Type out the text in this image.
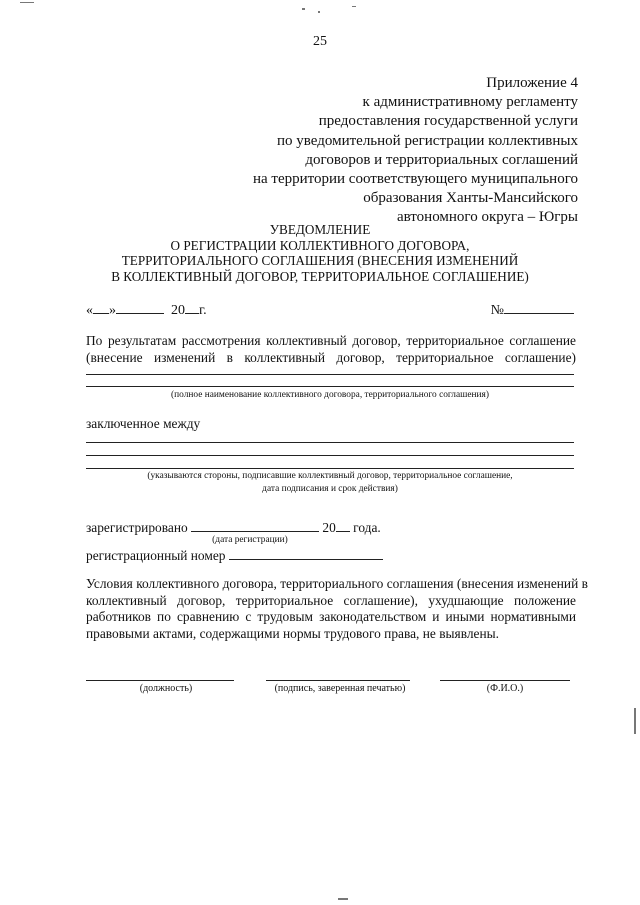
25
Приложение 4
к административному регламенту
предоставления государственной услуги
по уведомительной регистрации коллективных
договоров и территориальных соглашений
на территории соответствующего муниципального
образования Ханты-Мансийского
автономного округа – Югры
УВЕДОМЛЕНИЕ
О РЕГИСТРАЦИИ КОЛЛЕКТИВНОГО ДОГОВОРА,
ТЕРРИТОРИАЛЬНОГО СОГЛАШЕНИЯ (ВНЕСЕНИЯ ИЗМЕНЕНИЙ
В КОЛЛЕКТИВНЫЙ ДОГОВОР, ТЕРРИТОРИАЛЬНОЕ СОГЛАШЕНИЕ)
« »	20 г.	№
По результатам рассмотрения коллективный договор, территориальное соглашение
(внесение изменений в коллективный договор, территориальное соглашение)
(полное наименование коллективного договора, территориального соглашения)
заключенное между
(указываются стороны, подписавшие коллективный договор, территориальное соглашение,
дата подписания и срок действия)
зарегистрировано	20 года.
(дата регистрации)
регистрационный номер
Условия коллективного договора, территориального соглашения (внесения изменений в
коллективный договор, территориальное соглашение), ухудшающие положение
работников по сравнению с трудовым законодательством и иными нормативными
правовыми актами, содержащими нормы трудового права, не выявлены.
(должность)	(подпись, заверенная печатью)	(Ф.И.О.)
